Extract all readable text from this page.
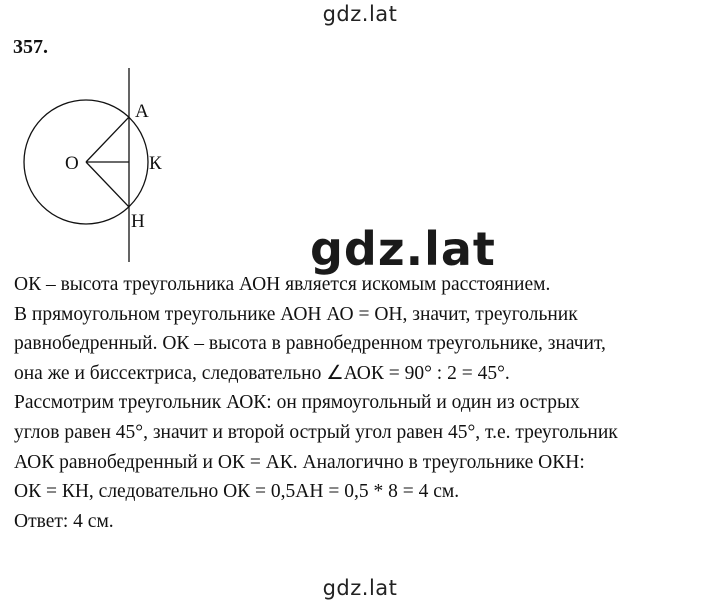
gdz.lat
357.
O
A
К
H
gdz.lat
ОК – высота треугольника АОН является искомым расстоянием.
В прямоугольном треугольнике АОН АО = ОН, значит, треугольник
равнобедренный. ОК – высота в равнобедренном треугольнике, значит,
она же и биссектриса, следовательно ∠АОК = 90° : 2 = 45°.
Рассмотрим треугольник АОК: он прямоугольный и один из острых
углов равен 45°, значит и второй острый угол равен 45°, т.е. треугольник
АОК равнобедренный и ОК = АК. Аналогично в треугольнике ОКН:
ОК = КН, следовательно ОК = 0,5АН = 0,5 * 8 = 4 см.
Ответ: 4 см.
gdz.lat
